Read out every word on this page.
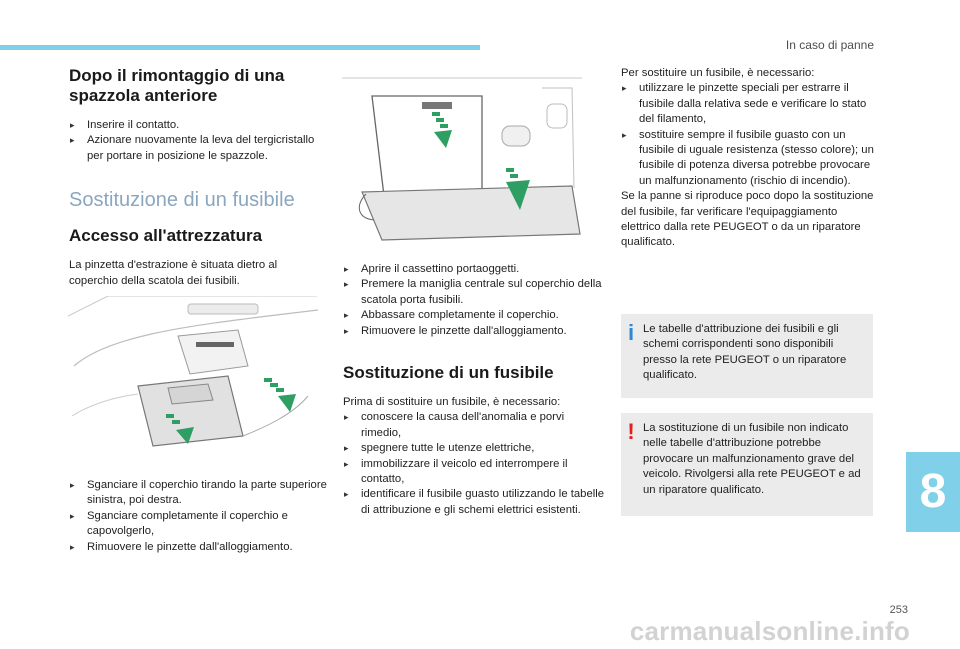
In caso di panne
Dopo il rimontaggio di una spazzola anteriore
▸ Inserire il contatto.
▸ Azionare nuovamente la leva del tergicristallo per portare in posizione le spazzole.
Sostituzione di un fusibile
Accesso all'attrezzatura

La pinzetta d'estrazione è situata dietro al coperchio della scatola dei fusibili.

▸ Sganciare il coperchio tirando la parte superiore sinistra, poi destra.
▸ Sganciare completamente il coperchio e capovolgerlo,
▸ Rimuovere le pinzette dall'alloggiamento.
▸ Aprire il cassettino portaoggetti.
▸ Premere la maniglia centrale sul coperchio della scatola porta fusibili.
▸ Abbassare completamente il coperchio.
▸ Rimuovere le pinzette dall'alloggiamento.
Sostituzione di un fusibile

Prima di sostituire un fusibile, è necessario:

▸ conoscere la causa dell'anomalia e porvi rimedio,
▸ spegnere tutte le utenze elettriche,
▸ immobilizzare il veicolo ed interrompere il contatto,
▸ identificare il fusibile guasto utilizzando le tabelle di attribuzione e gli schemi elettrici esistenti.

Per sostituire un fusibile, è necessario:

▸ utilizzare le pinzette speciali per estrarre il fusibile dalla relativa sede e verificare lo stato del filamento,
▸ sostituire sempre il fusibile guasto con un fusibile di uguale resistenza (stesso colore); un fusibile di potenza diversa potrebbe provocare un malfunzionamento (rischio di incendio).

Se la panne si riproduce poco dopo la sostituzione del fusibile, far verificare l'equipaggiamento elettrico dalla rete PEUGEOT o da un riparatore qualificato.

i Le tabelle d'attribuzione dei fusibili e gli schemi corrispondenti sono disponibili presso la rete PEUGEOT o un riparatore qualificato.

! La sostituzione di un fusibile non indicato nelle tabelle d'attribuzione potrebbe provocare un malfunzionamento grave del veicolo. Rivolgersi alla rete PEUGEOT e ad un riparatore qualificato.	8
253
carmanualsonline.info
